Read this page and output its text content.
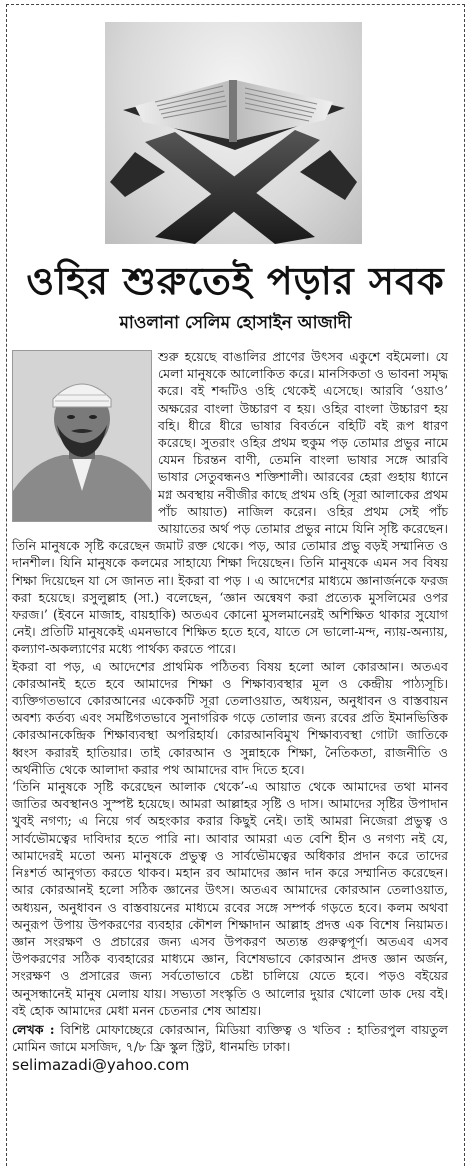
ওহির শুরুতেই পড়ার সবক
মাওলানা সেলিম হোসাইন আজাদী

শুরু হয়েছে বাঙালির প্রাণের উৎসব একুশে বইমেলা। যে মেলা মানুষকে আলোকিত করে। মানসিকতা ও ভাবনা সমৃদ্ধ করে। বই শব্দটিও ওহি থেকেই এসেছে। আরবি ‘ওয়াও’ অক্ষরের বাংলা উচ্চারণ ব হয়। ওহির বাংলা উচ্চারণ হয় বহি। ধীরে ধীরে ভাষার বিবর্তনে বহিটি বই রূপ ধারণ করেছে। সুতরাং ওহির প্রথম হুকুম পড় তোমার প্রভুর নামে যেমন চিরন্তন বাণী, তেমনি বাংলা ভাষার সঙ্গে আরবি ভাষার সেতুবন্ধনও শক্তিশালী। আরবের হেরা গুহায় ধ্যানে মগ্ন অবস্থায় নবীজীর কাছে প্রথম ওহি (সূরা আলাকের প্রথম পাঁচ আয়াত) নাজিল করেন। ওহির প্রথম সেই পাঁচ আয়াতের অর্থ পড় তোমার প্রভুর নামে যিনি সৃষ্টি করেছেন। তিনি মানুষকে সৃষ্টি করেছেন জমাট রক্ত থেকে। পড়, আর তোমার প্রভু বড়ই সম্মানিত ও দানশীল। যিনি মানুষকে কলমের সাহায্যে শিক্ষা দিয়েছেন। তিনি মানুষকে এমন সব বিষয় শিক্ষা দিয়েছেন যা সে জানত না। ইকরা বা পড় । এ আদেশের মাধ্যমে জ্ঞানার্জনকে ফরজ করা হয়েছে। রসুলুল্লাহ (সা.) বলেছেন, ‘জ্ঞান অন্বেষণ করা প্রত্যেক মুসলিমের ওপর ফরজ।’ (ইবনে মাজাহ, বায়হাকি) অতএব কোনো মুসলমানেরই অশিক্ষিত থাকার সুযোগ নেই। প্রতিটি মানুষকেই এমনভাবে শিক্ষিত হতে হবে, যাতে সে ভালো-মন্দ, ন্যায়-অন্যায়, কল্যাণ-অকল্যাণের মধ্যে পার্থক্য করতে পারে।

ইকরা বা পড়, এ আদেশের প্রাথমিক পঠিতব্য বিষয় হলো আল কোরআন। অতএব কোরআনই হতে হবে আমাদের শিক্ষা ও শিক্ষাব্যবস্থার মূল ও কেন্দ্রীয় পাঠ্যসূচি। ব্যক্তিগতভাবে কোরআনের একেকটি সূরা তেলাওয়াত, অধ্যয়ন, অনুধাবন ও বাস্তবায়ন অবশ্য কর্তব্য এবং সমষ্টিগতভাবে সুনাগরিক গড়ে তোলার জন্য রবের প্রতি ইমানভিত্তিক কোরআনকেন্দ্রিক শিক্ষাব্যবস্থা অপরিহার্য। কোরআনবিমুখ শিক্ষাব্যবস্থা গোটা জাতিকে ধ্বংস করারই হাতিয়ার। তাই কোরআন ও সুন্নাহকে শিক্ষা, নৈতিকতা, রাজনীতি ও অর্থনীতি থেকে আলাদা করার পথ আমাদের বাদ দিতে হবে।

‘তিনি মানুষকে সৃষ্টি করেছেন আলাক থেকে’-এ আয়াত থেকে আমাদের তথা মানব জাতির অবস্থানও সুস্পষ্ট হয়েছে। আমরা আল্লাহর সৃষ্টি ও দাস। আমাদের সৃষ্টির উপাদান খুবই নগণ্য; এ নিয়ে গর্ব অহংকার করার কিছুই নেই। তাই আমরা নিজেরা প্রভুত্ব ও সার্বভৌমত্বের দাবিদার হতে পারি না। আবার আমরা এত বেশি হীন ও নগণ্য নই যে, আমাদেরই মতো অন্য মানুষকে প্রভুত্ব ও সার্বভৌমত্বের অধিকার প্রদান করে তাদের নিঃশর্ত আনুগত্য করতে থাকব। মহান রব আমাদের জ্ঞান দান করে সম্মানিত করেছেন। আর কোরআনই হলো সঠিক জ্ঞানের উৎস। অতএব আমাদের কোরআন তেলাওয়াত, অধ্যয়ন, অনুধাবন ও বাস্তবায়নের মাধ্যমে রবের সঙ্গে সম্পর্ক গড়তে হবে। কলম অথবা অনুরূপ উপায় উপকরণের ব্যবহার কৌশল শিক্ষাদান আল্লাহ প্রদত্ত এক বিশেষ নিয়ামত। জ্ঞান সংরক্ষণ ও প্রচারের জন্য এসব উপকরণ অত্যন্ত গুরুত্বপূর্ণ। অতএব এসব উপকরণের সঠিক ব্যবহারের মাধ্যমে জ্ঞান, বিশেষভাবে কোরআন প্রদত্ত জ্ঞান অর্জন, সংরক্ষণ ও প্রসারের জন্য সর্বতোভাবে চেষ্টা চালিয়ে যেতে হবে। পড়ও বইয়ের অনুসন্ধানেই মানুষ মেলায় যায়। সভ্যতা সংস্কৃতি ও আলোর দুয়ার খোলো ডাক দেয় বই। বই হোক আমাদের মেধা মনন চেতনার শেষ আশ্রয়।

লেখক : বিশিষ্ট মোফাচ্ছেরে কোরআন, মিডিয়া ব্যক্তিত্ব ও খতিব : হাতিরপুল বায়তুল মোমিন জামে মসজিদ, ৭/৮ ফ্রি স্কুল স্ট্রিট, ধানমন্ডি ঢাকা।
selimazadi@yahoo.com
